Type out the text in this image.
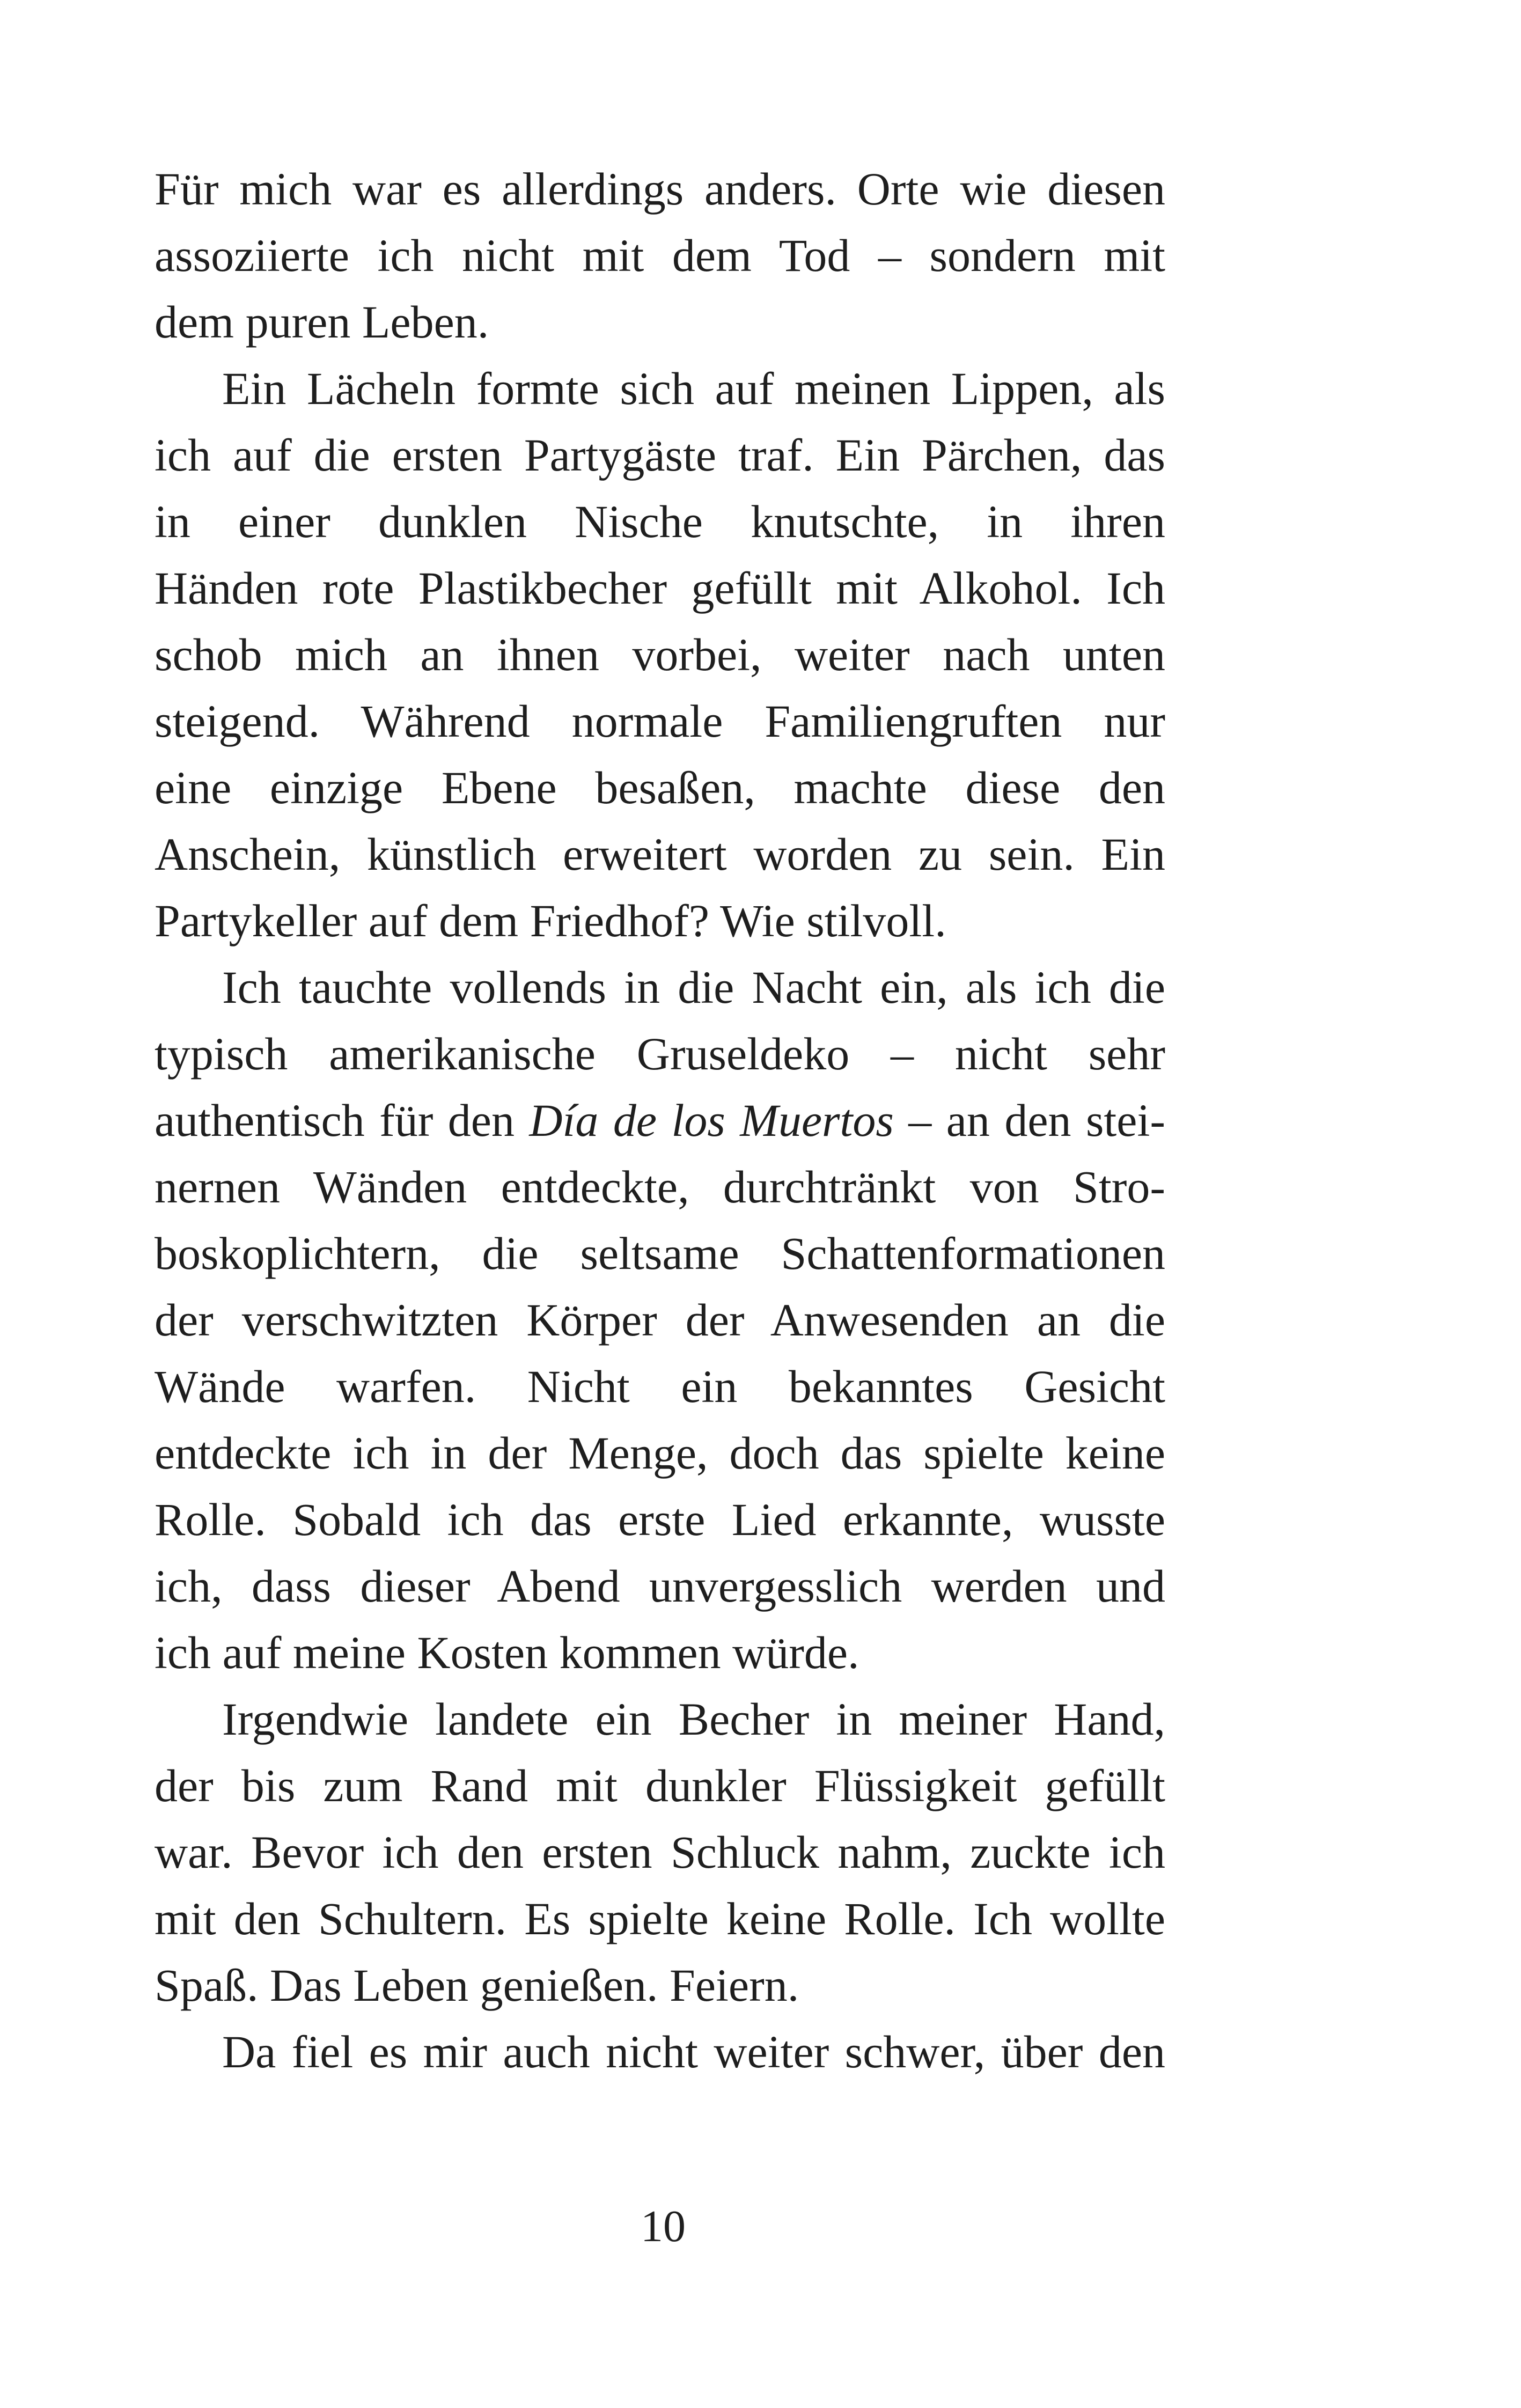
Für mich war es allerdings anders. Orte wie diesen
assoziierte ich nicht mit dem Tod – sondern mit
dem puren Leben.
Ein Lächeln formte sich auf meinen Lippen, als
ich auf die ersten Partygäste traf. Ein Pärchen, das
in einer dunklen Nische knutschte, in ihren
Händen rote Plastikbecher gefüllt mit Alkohol. Ich
schob mich an ihnen vorbei, weiter nach unten
steigend. Während normale Familiengruften nur
eine einzige Ebene besaßen, machte diese den
Anschein, künstlich erweitert worden zu sein. Ein
Partykeller auf dem Friedhof? Wie stilvoll.
Ich tauchte vollends in die Nacht ein, als ich die
typisch amerikanische Gruseldeko – nicht sehr
authentisch für den Día de los Muertos – an den stei-
nernen Wänden entdeckte, durchtränkt von Stro-
boskoplichtern, die seltsame Schattenformationen
der verschwitzten Körper der Anwesenden an die
Wände warfen. Nicht ein bekanntes Gesicht
entdeckte ich in der Menge, doch das spielte keine
Rolle. Sobald ich das erste Lied erkannte, wusste
ich, dass dieser Abend unvergesslich werden und
ich auf meine Kosten kommen würde.
Irgendwie landete ein Becher in meiner Hand,
der bis zum Rand mit dunkler Flüssigkeit gefüllt
war. Bevor ich den ersten Schluck nahm, zuckte ich
mit den Schultern. Es spielte keine Rolle. Ich wollte
Spaß. Das Leben genießen. Feiern.
Da fiel es mir auch nicht weiter schwer, über den
10
